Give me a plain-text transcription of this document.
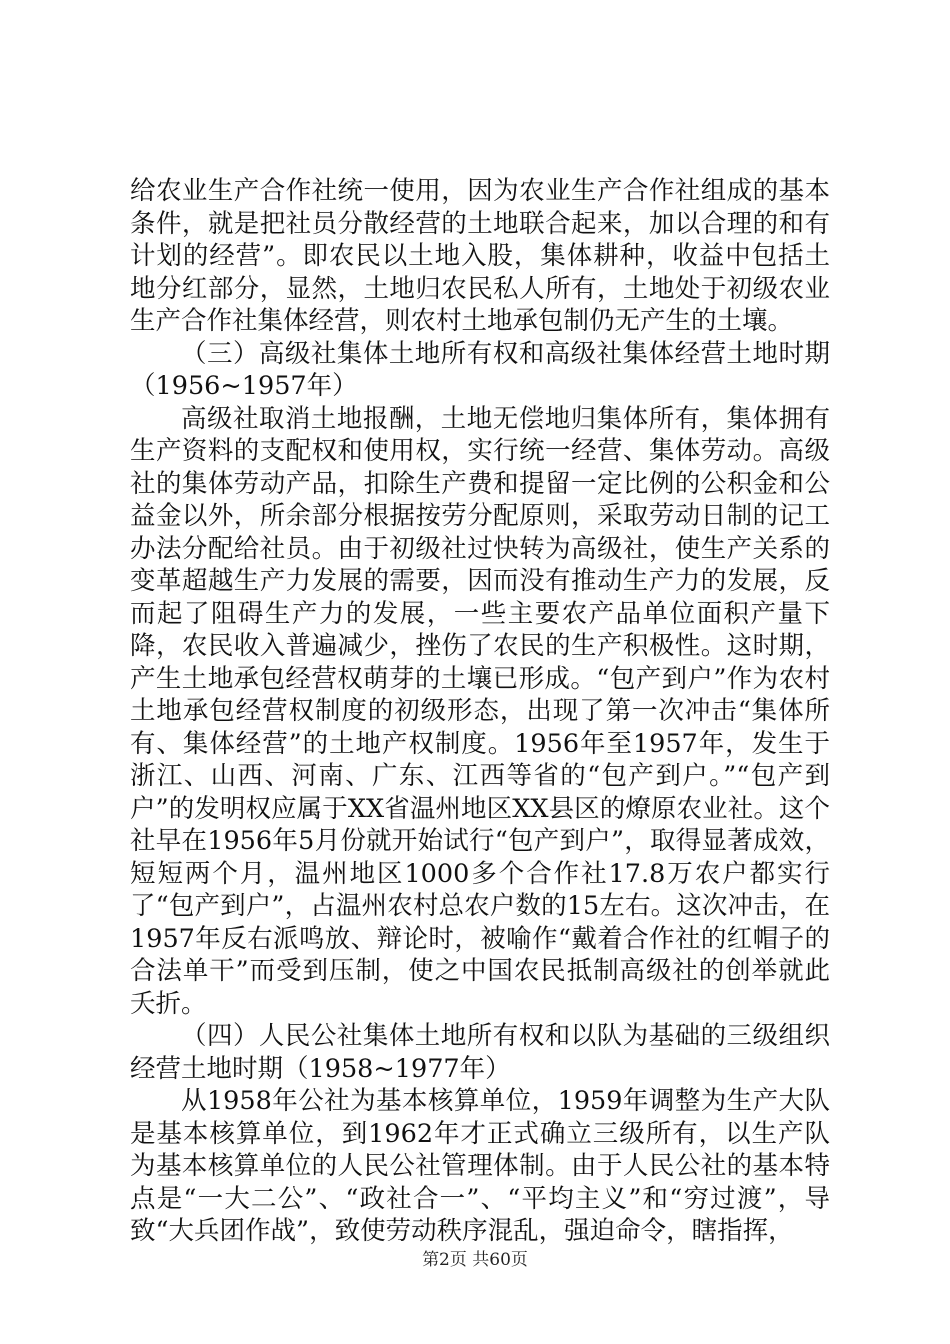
给农业生产合作社统一使用，因为农业生产合作社组成的基本条件，就是把社员分散经营的土地联合起来，加以合理的和有计划的经营”。即农民以土地入股，集体耕种，收益中包括土地分红部分，显然，土地归农民私人所有，土地处于初级农业生产合作社集体经营，则农村土地承包制仍无产生的土壤。

（三）高级社集体土地所有权和高级社集体经营土地时期（1956~1957年）

高级社取消土地报酬，土地无偿地归集体所有，集体拥有生产资料的支配权和使用权，实行统一经营、集体劳动。高级社的集体劳动产品，扣除生产费和提留一定比例的公积金和公益金以外，所余部分根据按劳分配原则，采取劳动日制的记工办法分配给社员。由于初级社过快转为高级社，使生产关系的变革超越生产力发展的需要，因而没有推动生产力的发展，反而起了阻碍生产力的发展，一些主要农产品单位面积产量下降，农民收入普遍减少，挫伤了农民的生产积极性。这时期，产生土地承包经营权萌芽的土壤已形成。“包产到户”作为农村土地承包经营权制度的初级形态，出现了第一次冲击“集体所有、集体经营”的土地产权制度。1956年至1957年，发生于浙江、山西、河南、广东、江西等省的“包产到户。”“包产到户”的发明权应属于XX省温州地区XX县区的燎原农业社。这个社早在1956年5月份就开始试行“包产到户”，取得显著成效，短短两个月，温州地区1000多个合作社17.8万农户都实行了“包产到户”，占温州农村总农户数的15左右。这次冲击，在1957年反右派鸣放、辩论时，被喻作“戴着合作社的红帽子的合法单干”而受到压制，使之中国农民抵制高级社的创举就此夭折。

（四）人民公社集体土地所有权和以队为基础的三级组织经营土地时期（1958~1977年）

从1958年公社为基本核算单位，1959年调整为生产大队是基本核算单位，到1962年才正式确立三级所有，以生产队为基本核算单位的人民公社管理体制。由于人民公社的基本特点是“一大二公”、“政社合一”、“平均主义”和“穷过渡”，导致“大兵团作战”，致使劳动秩序混乱，强迫命令，瞎指挥，

第2页 共60页
